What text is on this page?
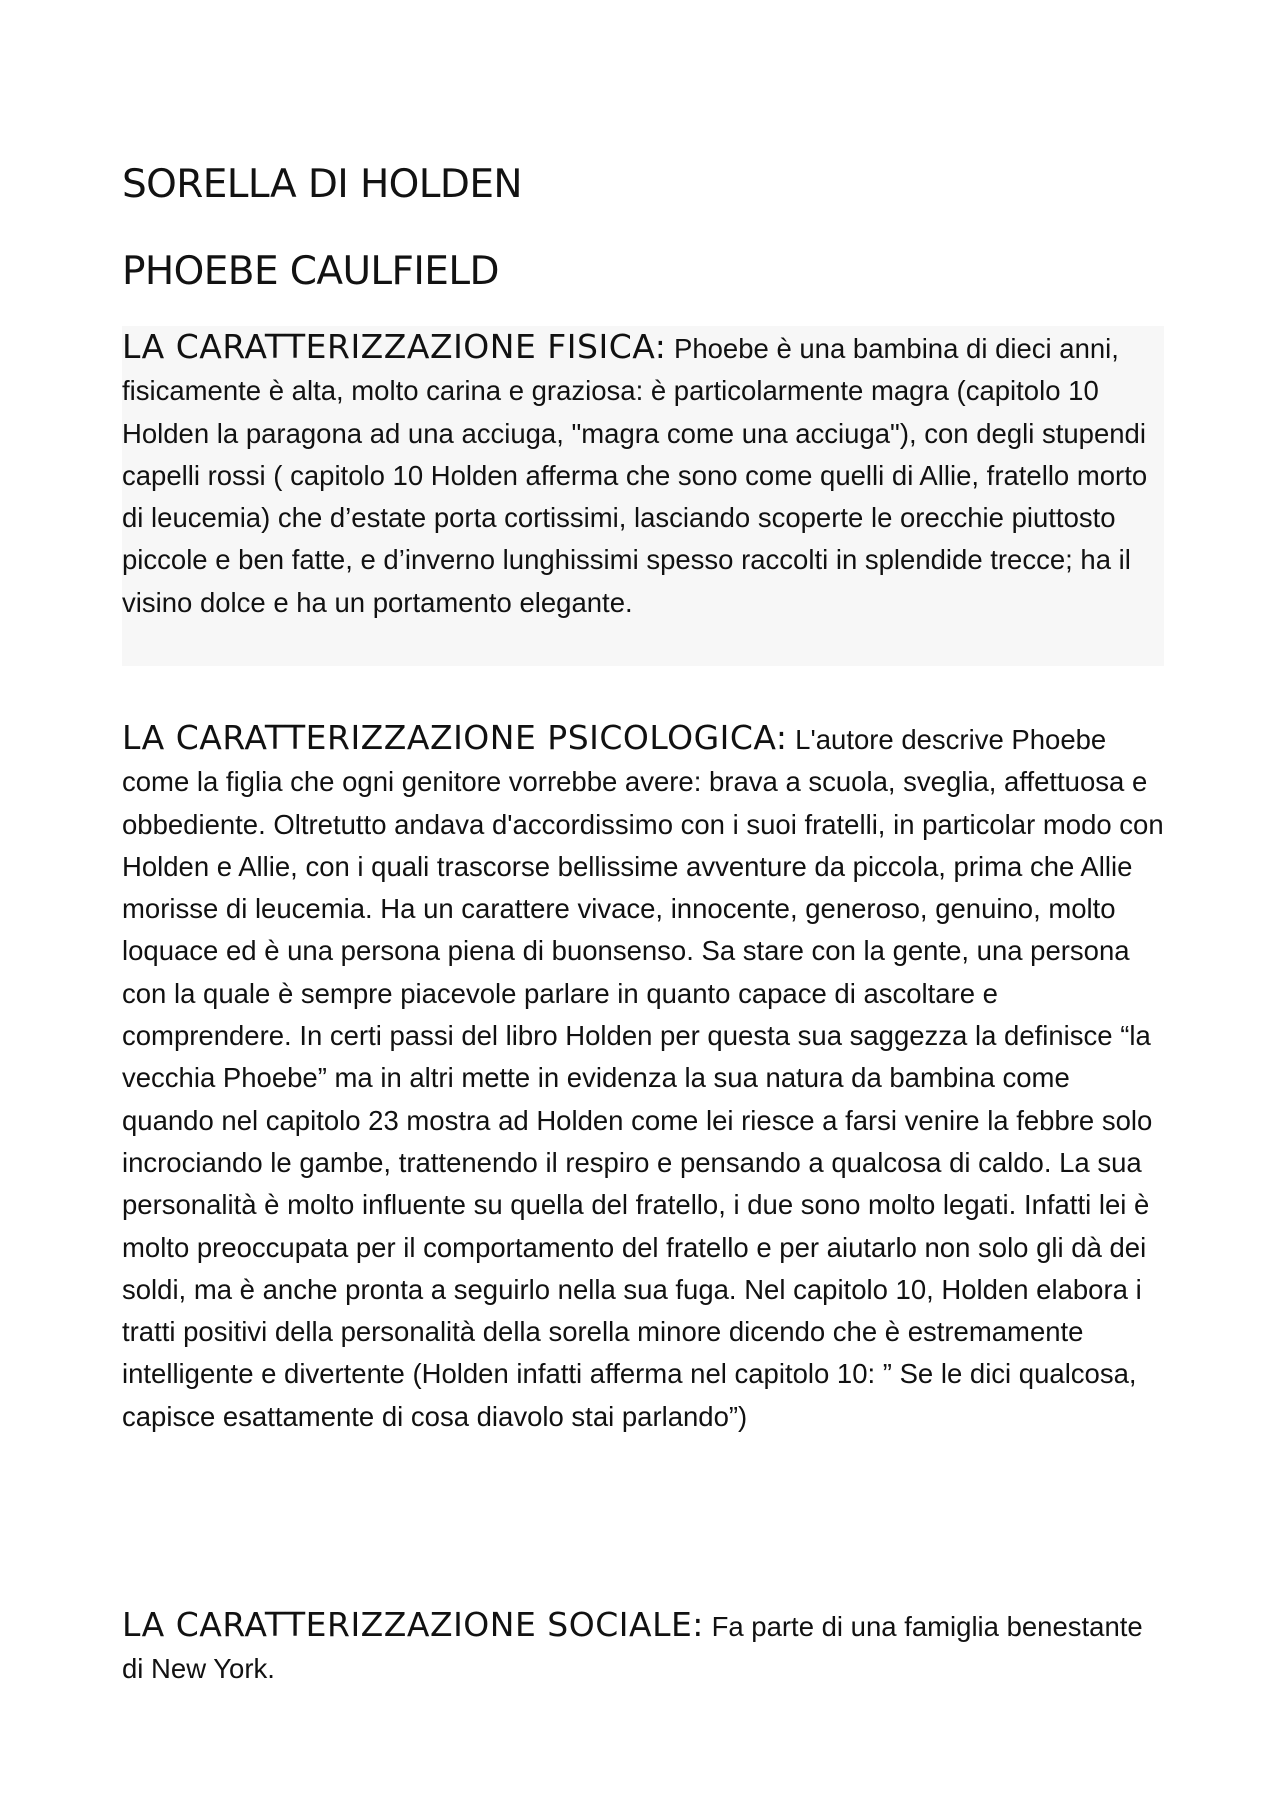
SORELLA DI HOLDEN
PHOEBE CAULFIELD

LA CARATTERIZZAZIONE FISICA: Phoebe è una bambina di dieci anni, fisicamente è alta, molto carina e graziosa: è particolarmente magra (capitolo 10 Holden la paragona ad una acciuga, "magra come una acciuga"), con degli stupendi capelli rossi ( capitolo 10 Holden afferma che sono come quelli di Allie, fratello morto di leucemia) che d’estate porta cortissimi, lasciando scoperte le orecchie piuttosto piccole e ben fatte, e d’inverno lunghissimi spesso raccolti in splendide trecce; ha il visino dolce e ha un portamento elegante.

LA CARATTERIZZAZIONE PSICOLOGICA: L'autore descrive Phoebe come la figlia che ogni genitore vorrebbe avere: brava a scuola, sveglia, affettuosa e obbediente. Oltretutto andava d'accordissimo con i suoi fratelli, in particolar modo con Holden e Allie, con i quali trascorse bellissime avventure da piccola, prima che Allie morisse di leucemia. Ha un carattere vivace, innocente, generoso, genuino, molto loquace ed è una persona piena di buonsenso. Sa stare con la gente, una persona con la quale è sempre piacevole parlare in quanto capace di ascoltare e comprendere. In certi passi del libro Holden per questa sua saggezza la definisce “la vecchia Phoebe” ma in altri mette in evidenza la sua natura da bambina come quando nel capitolo 23 mostra ad Holden come lei riesce a farsi venire la febbre solo incrociando le gambe, trattenendo il respiro e pensando a qualcosa di caldo. La sua personalità è molto influente su quella del fratello, i due sono molto legati. Infatti lei è molto preoccupata per il comportamento del fratello e per aiutarlo non solo gli dà dei soldi, ma è anche pronta a seguirlo nella sua fuga. Nel capitolo 10, Holden elabora i tratti positivi della personalità della sorella minore dicendo che è estremamente intelligente e divertente (Holden infatti afferma nel capitolo 10: ” Se le dici qualcosa, capisce esattamente di cosa diavolo stai parlando”)

LA CARATTERIZZAZIONE SOCIALE: Fa parte di una famiglia benestante di New York.
